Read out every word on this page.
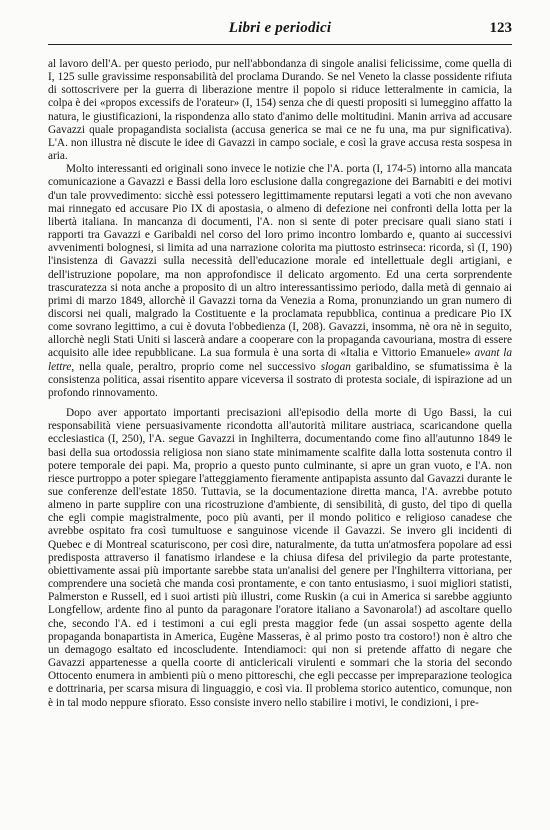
Libri e periodici	123

al lavoro dell'A. per questo periodo, pur nell'abbondanza di singole analisi felicissime, come quella di I, 125 sulle gravissime responsabilità del proclama Durando. Se nel Veneto la classe possidente rifiuta di sottoscrivere per la guerra di liberazione mentre il popolo si riduce letteralmente in camicia, la colpa è dei «propos excessifs de l'orateur» (I, 154) senza che di questi propositi si lumeggino affatto la natura, le giustificazioni, la rispondenza allo stato d'animo delle moltitudini. Manin arriva ad accusare Gavazzi quale propagandista socialista (accusa generica se mai ce ne fu una, ma pur significativa). L'A. non illustra nè discute le idee di Gavazzi in campo sociale, e così la grave accusa resta sospesa in aria.

Molto interessanti ed originali sono invece le notizie che l'A. porta (I, 174-5) intorno alla mancata comunicazione a Gavazzi e Bassi della loro esclusione dalla congregazione dei Barnabiti e dei motivi d'un tale provvedimento: sicchè essi potessero legittimamente reputarsi legati a voti che non avevano mai rinnegato ed accusare Pio IX di apostasia, o almeno di defezione nei confronti della lotta per la libertà italiana. In mancanza di documenti, l'A. non si sente di poter precisare quali siano stati i rapporti tra Gavazzi e Garibaldi nel corso del loro primo incontro lombardo e, quanto ai successivi avvenimenti bolognesi, si limita ad una narrazione colorita ma piuttosto estrinseca: ricorda, sì (I, 190) l'insistenza di Gavazzi sulla necessità dell'educazione morale ed intellettuale degli artigiani, e dell'istruzione popolare, ma non approfondisce il delicato argomento. Ed una certa sorprendente trascuratezza si nota anche a proposito di un altro interessantissimo periodo, dalla metà di gennaio ai primi di marzo 1849, allorchè il Gavazzi torna da Venezia a Roma, pronunziando un gran numero di discorsi nei quali, malgrado la Costituente e la proclamata repubblica, continua a predicare Pio IX come sovrano legittimo, a cui è dovuta l'obbedienza (I, 208). Gavazzi, insomma, nè ora nè in seguito, allorchè negli Stati Uniti si lascerà andare a cooperare con la propaganda cavouriana, mostra di essere acquisito alle idee repubblicane. La sua formula è una sorta di «Italia e Vittorio Emanuele» avant la lettre, nella quale, peraltro, proprio come nel successivo slogan garibaldino, se sfumatissima è la consistenza politica, assai risentito appare viceversa il sostrato di protesta sociale, di ispirazione ad un profondo rinnovamento.

Dopo aver apportato importanti precisazioni all'episodio della morte di Ugo Bassi, la cui responsabilità viene persuasivamente ricondotta all'autorità militare austriaca, scaricandone quella ecclesiastica (I, 250), l'A. segue Gavazzi in Inghilterra, documentando come fino all'autunno 1849 le basi della sua ortodossia religiosa non siano state minimamente scalfite dalla lotta sostenuta contro il potere temporale dei papi. Ma, proprio a questo punto culminante, si apre un gran vuoto, e l'A. non riesce purtroppo a poter spiegare l'atteggiamento fieramente antipapista assunto dal Gavazzi durante le sue conferenze dell'estate 1850. Tuttavia, se la documentazione diretta manca, l'A. avrebbe potuto almeno in parte supplire con una ricostruzione d'ambiente, di sensibilità, di gusto, del tipo di quella che egli compie magistralmente, poco più avanti, per il mondo politico e religioso canadese che avrebbe ospitato fra così tumultuose e sanguinose vicende il Gavazzi. Se invero gli incidenti di Quebec e di Montreal scaturiscono, per così dire, naturalmente, da tutta un'atmosfera popolare ad essi predisposta attraverso il fanatismo irlandese e la chiusa difesa del privilegio da parte protestante, obiettivamente assai più importante sarebbe stata un'analisi del genere per l'Inghilterra vittoriana, per comprendere una società che manda così prontamente, e con tanto entusiasmo, i suoi migliori statisti, Palmerston e Russell, ed i suoi artisti più illustri, come Ruskin (a cui in America si sarebbe aggiunto Longfellow, ardente fino al punto da paragonare l'oratore italiano a Savonarola!) ad ascoltare quello che, secondo l'A. ed i testimoni a cui egli presta maggior fede (un assai sospetto agente della propaganda bonapartista in America, Eugène Masseras, è al primo posto tra costoro!) non è altro che un demagogo esaltato ed incoscludente. Intendiamoci: qui non si pretende affatto di negare che Gavazzi appartenesse a quella coorte di anticlericali virulenti e sommari che la storia del secondo Ottocento enumera in ambienti più o meno pittoreschi, che egli peccasse per impreparazione teologica e dottrinaria, per scarsa misura di linguaggio, e così via. Il problema storico autentico, comunque, non è in tal modo neppure sfiorato. Esso consiste invero nello stabilire i motivi, le condizioni, i pre-
